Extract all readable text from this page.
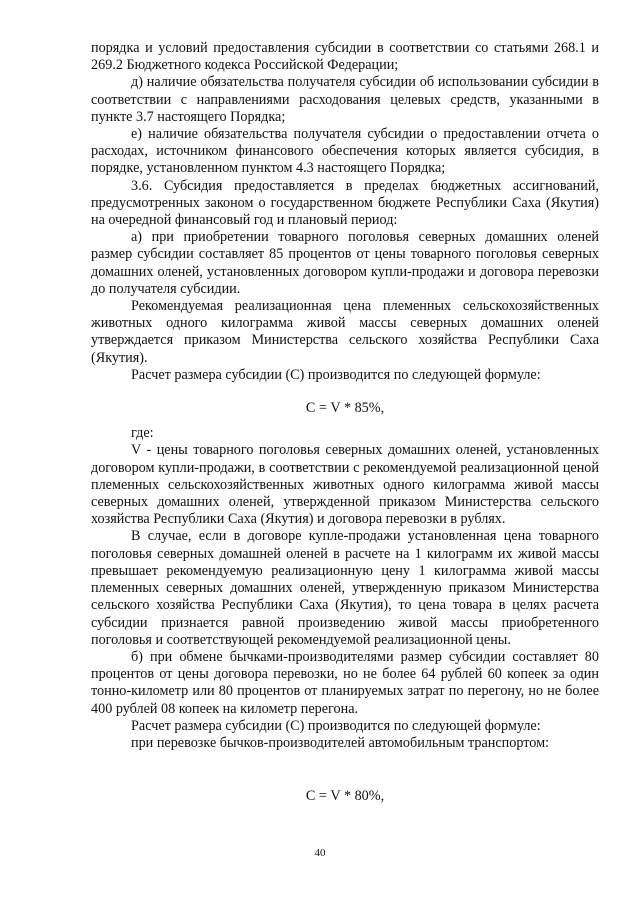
порядка и условий предоставления субсидии в соответствии со статьями 268.1 и 269.2 Бюджетного кодекса Российской Федерации;

д) наличие обязательства получателя субсидии об использовании субсидии в соответствии с направлениями расходования целевых средств, указанными в пункте 3.7 настоящего Порядка;

е) наличие обязательства получателя субсидии о предоставлении отчета о расходах, источником финансового обеспечения которых является субсидия, в порядке, установленном пунктом 4.3 настоящего Порядка;

3.6. Субсидия предоставляется в пределах бюджетных ассигнований, предусмотренных законом о государственном бюджете Республики Саха (Якутия) на очередной финансовый год и плановый период:

а) при приобретении товарного поголовья северных домашних оленей размер субсидии составляет 85 процентов от цены товарного поголовья северных домашних оленей, установленных договором купли-продажи и договора перевозки до получателя субсидии.

Рекомендуемая реализационная цена племенных сельскохозяйственных животных одного килограмма живой массы северных домашних оленей утверждается приказом Министерства сельского хозяйства Республики Саха (Якутия).

Расчет размера субсидии (С) производится по следующей формуле:

С = V * 85%,

где:

V - цены товарного поголовья северных домашних оленей, установленных договором купли-продажи, в соответствии с рекомендуемой реализационной ценой племенных сельскохозяйственных животных одного килограмма живой массы северных домашних оленей, утвержденной приказом Министерства сельского хозяйства Республики Саха (Якутия) и договора перевозки в рублях.

В случае, если в договоре купле-продажи установленная цена товарного поголовья северных домашней оленей в расчете на 1 килограмм их живой массы превышает рекомендуемую реализационную цену 1 килограмма живой массы племенных северных домашних оленей, утвержденную приказом Министерства сельского хозяйства Республики Саха (Якутия), то цена товара в целях расчета субсидии признается равной произведению живой массы приобретенного поголовья и соответствующей рекомендуемой реализационной цены.

б) при обмене бычками-производителями размер субсидии составляет 80 процентов от цены договора перевозки, но не более 64 рублей 60 копеек за один тонно-километр или 80 процентов от планируемых затрат по перегону, но не более 400 рублей 08 копеек на километр перегона.

Расчет размера субсидии (С) производится по следующей формуле:

при перевозке бычков-производителей автомобильным транспортом:

С = V * 80%,

40
